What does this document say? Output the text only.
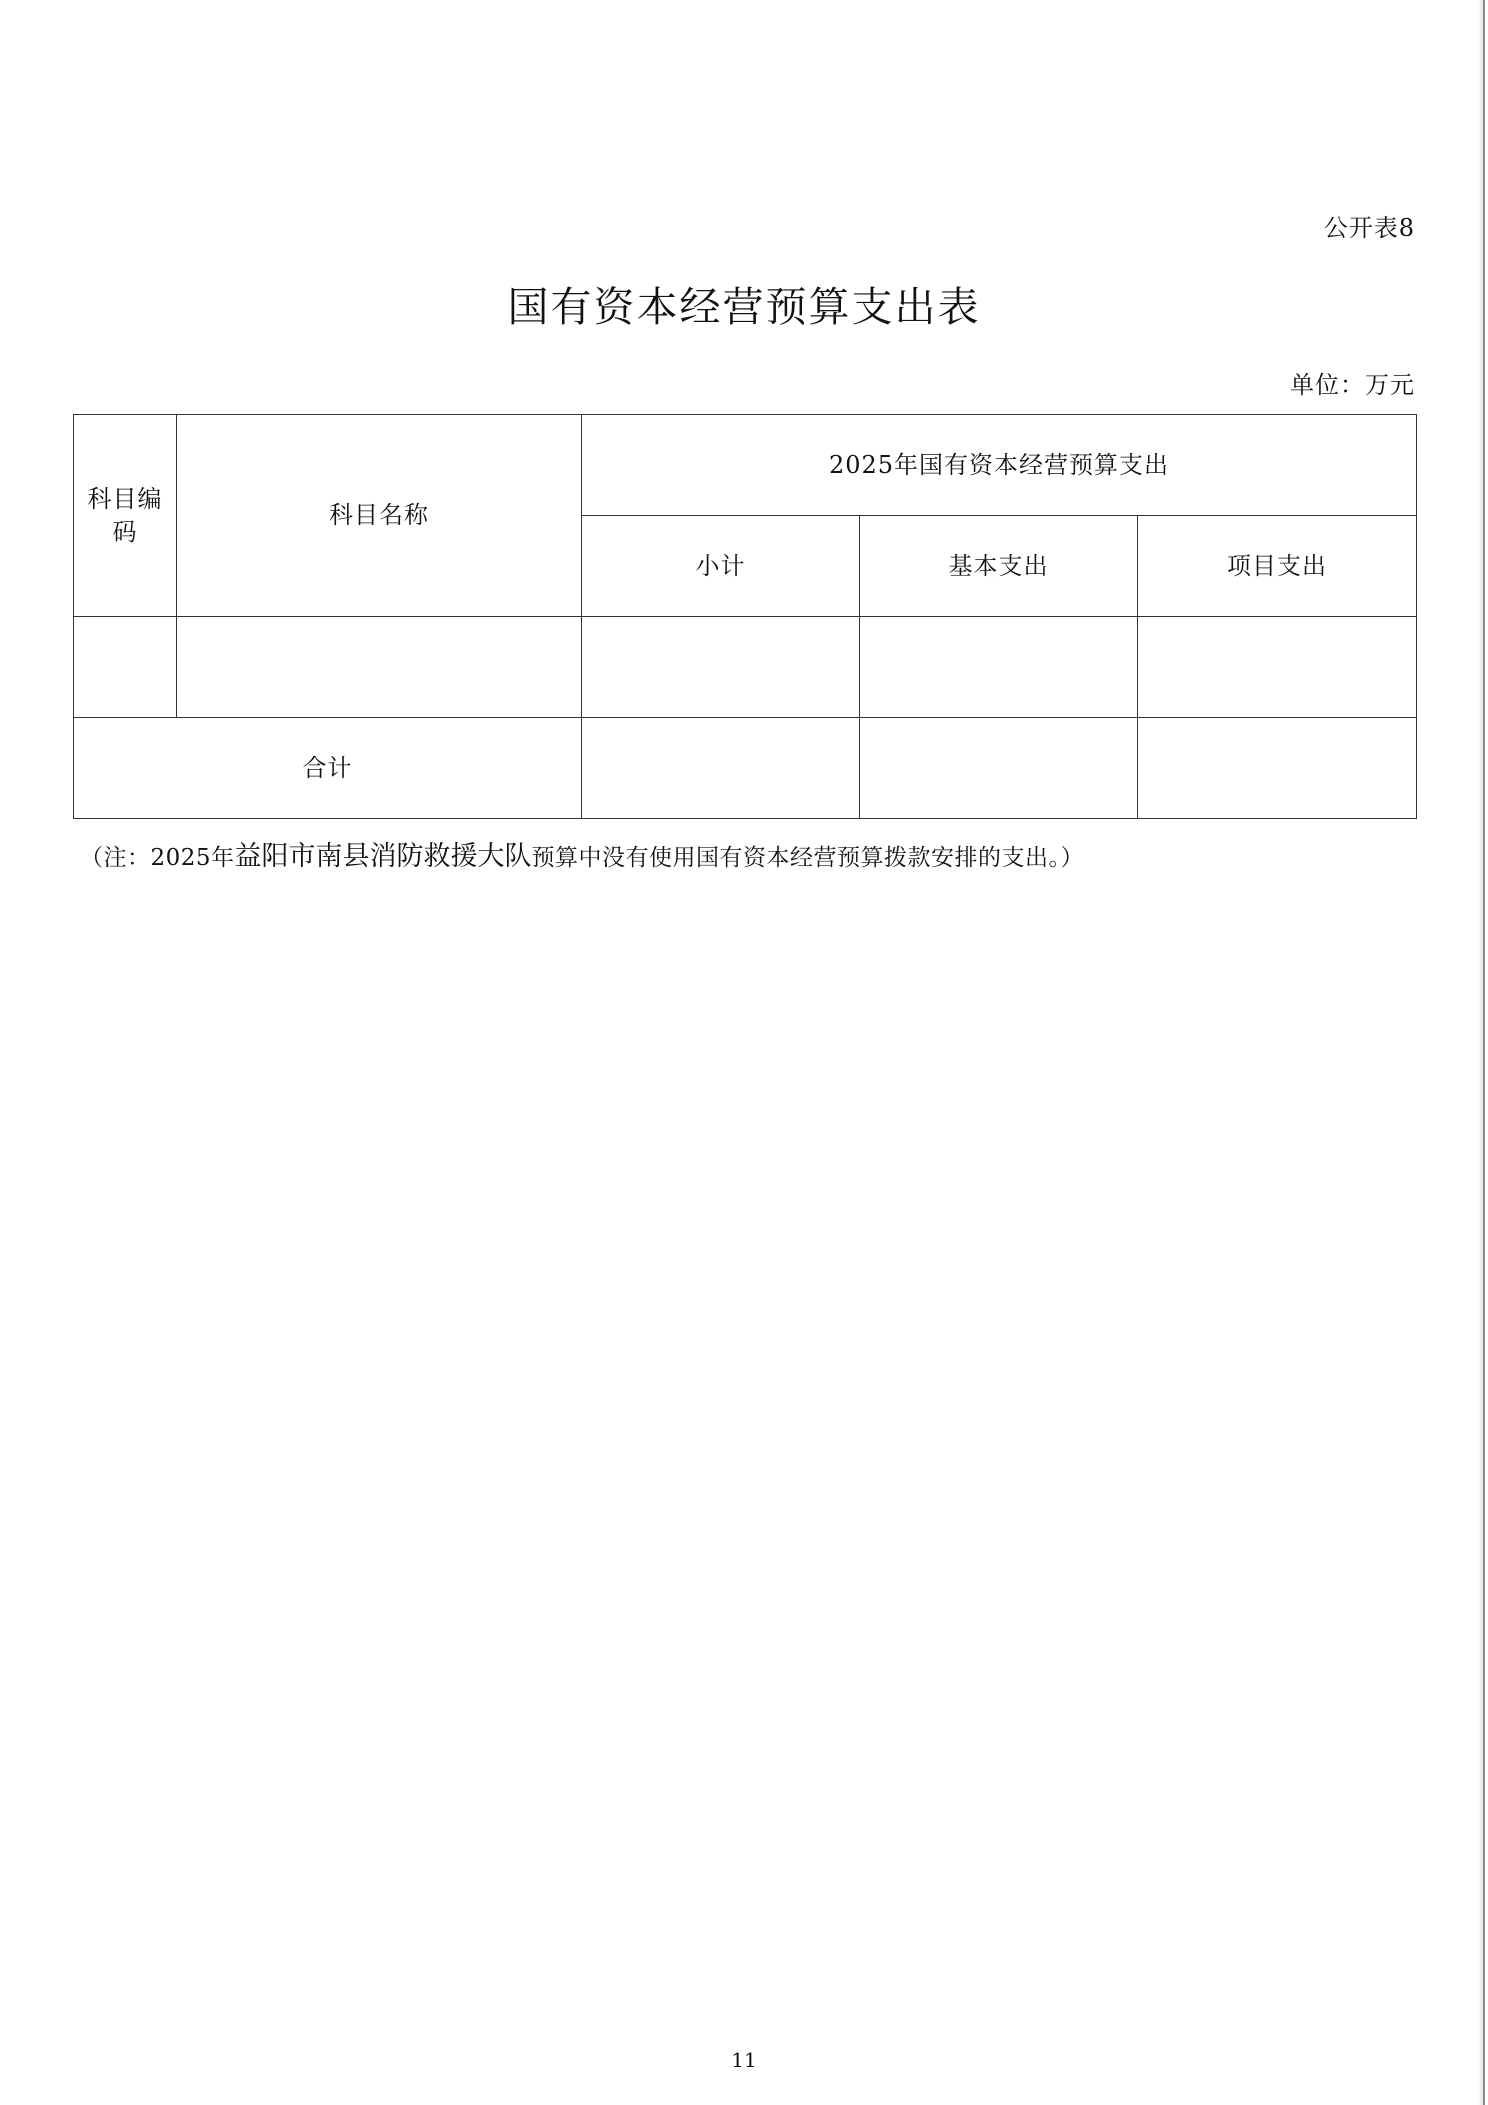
公开表8
国有资本经营预算支出表
单位：万元
科目编码	科目名称	2025年国有资本经营预算支出		
		小计	基本支出	项目支出

合计				
（注：2025年益阳市南县消防救援大队预算中没有使用国有资本经营预算拨款安排的支出。）
11
